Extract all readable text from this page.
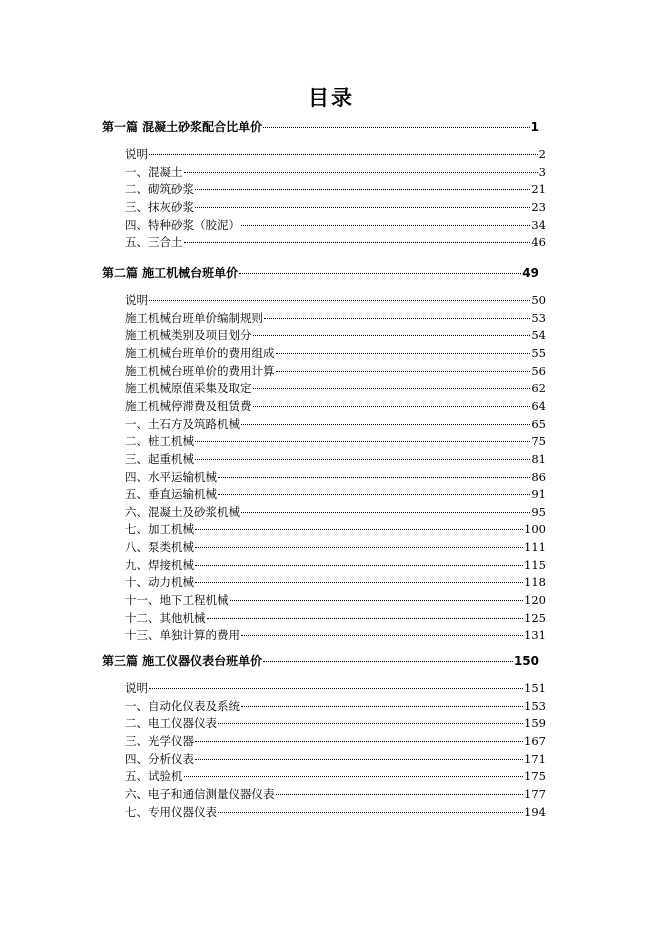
目录
第一篇 混凝土砂浆配合比单价	1
说明	2
一、混凝土	3
二、砌筑砂浆	21
三、抹灰砂浆	23
四、特种砂浆（胶泥）	34
五、三合土	46
第二篇 施工机械台班单价	49
说明	50
施工机械台班单价编制规则	53
施工机械类别及项目划分	54
施工机械台班单价的费用组成	55
施工机械台班单价的费用计算	56
施工机械原值采集及取定	62
施工机械停滞费及租赁费	64
一、土石方及筑路机械	65
二、桩工机械	75
三、起重机械	81
四、水平运输机械	86
五、垂直运输机械	91
六、混凝土及砂浆机械	95
七、加工机械	100
八、泵类机械	111
九、焊接机械	115
十、动力机械	118
十一、地下工程机械	120
十二、其他机械	125
十三、单独计算的费用	131
第三篇 施工仪器仪表台班单价	150
说明	151
一、自动化仪表及系统	153
二、电工仪器仪表	159
三、光学仪器	167
四、分析仪表	171
五、试验机	175
六、电子和通信测量仪器仪表	177
七、专用仪器仪表	194
